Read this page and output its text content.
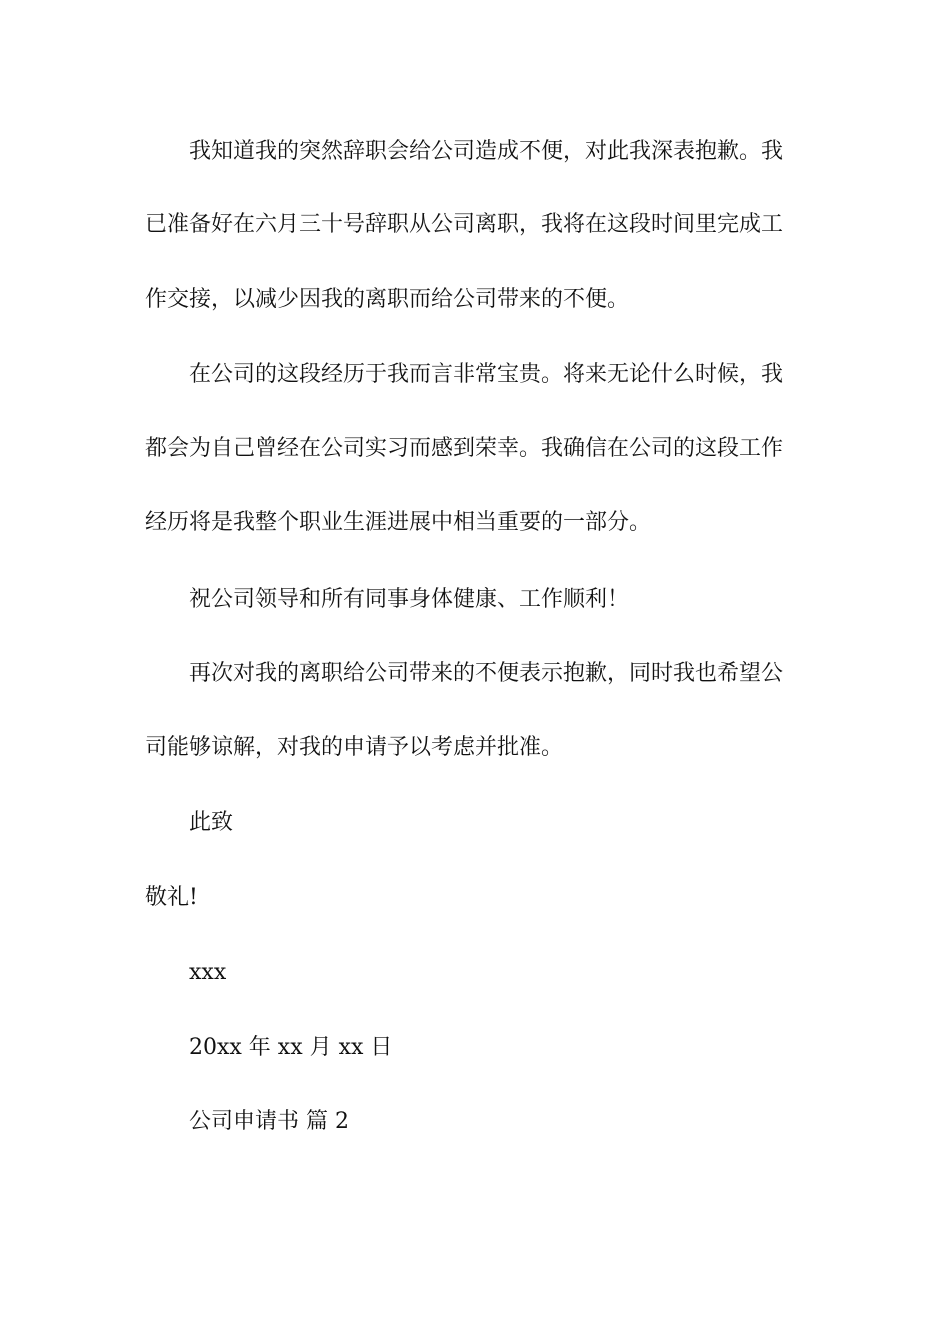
我知道我的突然辞职会给公司造成不便，对此我深表抱歉。我
已准备好在六月三十号辞职从公司离职，我将在这段时间里完成工
作交接，以减少因我的离职而给公司带来的不便。
在公司的这段经历于我而言非常宝贵。将来无论什么时候，我
都会为自己曾经在公司实习而感到荣幸。我确信在公司的这段工作
经历将是我整个职业生涯进展中相当重要的一部分。
祝公司领导和所有同事身体健康、工作顺利！
再次对我的离职给公司带来的不便表示抱歉，同时我也希望公
司能够谅解，对我的申请予以考虑并批准。
此致
敬礼!
xxx
20xx 年 xx 月 xx 日
公司申请书 篇 2
